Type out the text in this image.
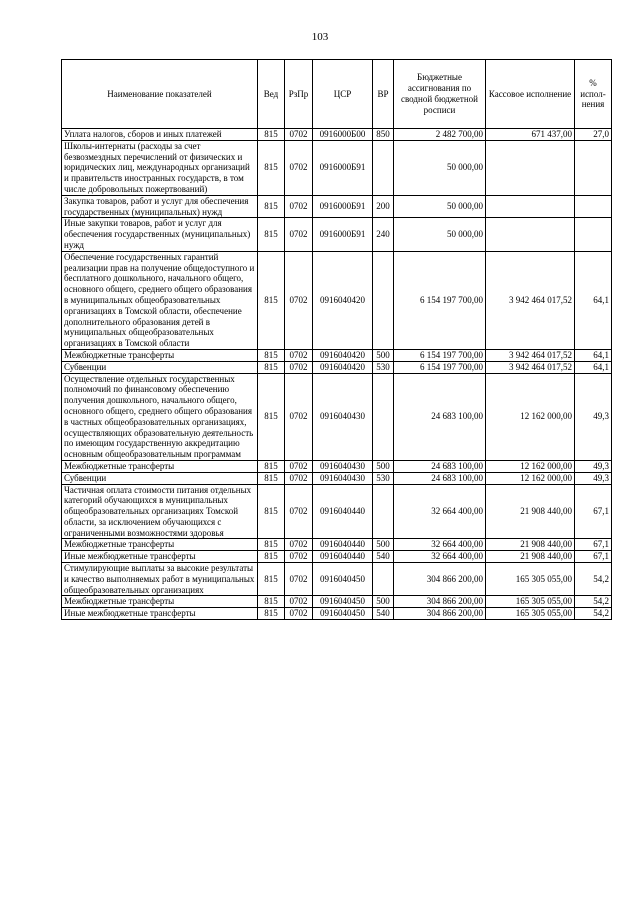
103
Наименование показателей	Вед	РзПр	ЦСР	ВР	Бюджетные ассигнования по сводной бюджетной росписи	Кассовое исполнение	% испол-нения
Уплата налогов, сборов и иных платежей	815	0702	0916000Б00	850	2 482 700,00	671 437,00	27,0
Школы-интернаты (расходы за счет безвозмездных перечислений от физических и юридических лиц, международных организаций и правительств иностранных государств, в том числе добровольных пожертвований)	815	0702	0916000Б91		50 000,00		
Закупка товаров, работ и услуг для обеспечения государственных (муниципальных) нужд	815	0702	0916000Б91	200	50 000,00		
Иные закупки товаров, работ и услуг для обеспечения государственных (муниципальных) нужд	815	0702	0916000Б91	240	50 000,00		
Обеспечение государственных гарантий реализации прав на получение общедоступного и бесплатного дошкольного, начального общего, основного общего, среднего общего образования в муниципальных общеобразовательных организациях в Томской области, обеспечение дополнительного образования детей в муниципальных общеобразовательных организациях в Томской области	815	0702	0916040420		6 154 197 700,00	3 942 464 017,52	64,1
Межбюджетные трансферты	815	0702	0916040420	500	6 154 197 700,00	3 942 464 017,52	64,1
Субвенции	815	0702	0916040420	530	6 154 197 700,00	3 942 464 017,52	64,1
Осуществление отдельных государственных полномочий по финансовому обеспечению получения дошкольного, начального общего, основного общего, среднего общего образования в частных общеобразовательных организациях, осуществляющих образовательную деятельность по имеющим государственную аккредитацию основным общеобразовательным программам	815	0702	0916040430		24 683 100,00	12 162 000,00	49,3
Межбюджетные трансферты	815	0702	0916040430	500	24 683 100,00	12 162 000,00	49,3
Субвенции	815	0702	0916040430	530	24 683 100,00	12 162 000,00	49,3
Частичная оплата стоимости питания отдельных категорий обучающихся в муниципальных общеобразовательных организациях Томской области, за исключением обучающихся с ограниченными возможностями здоровья	815	0702	0916040440		32 664 400,00	21 908 440,00	67,1
Межбюджетные трансферты	815	0702	0916040440	500	32 664 400,00	21 908 440,00	67,1
Иные межбюджетные трансферты	815	0702	0916040440	540	32 664 400,00	21 908 440,00	67,1
Стимулирующие выплаты за высокие результаты и качество выполняемых работ в муниципальных общеобразовательных организациях	815	0702	0916040450		304 866 200,00	165 305 055,00	54,2
Межбюджетные трансферты	815	0702	0916040450	500	304 866 200,00	165 305 055,00	54,2
Иные межбюджетные трансферты	815	0702	0916040450	540	304 866 200,00	165 305 055,00	54,2
